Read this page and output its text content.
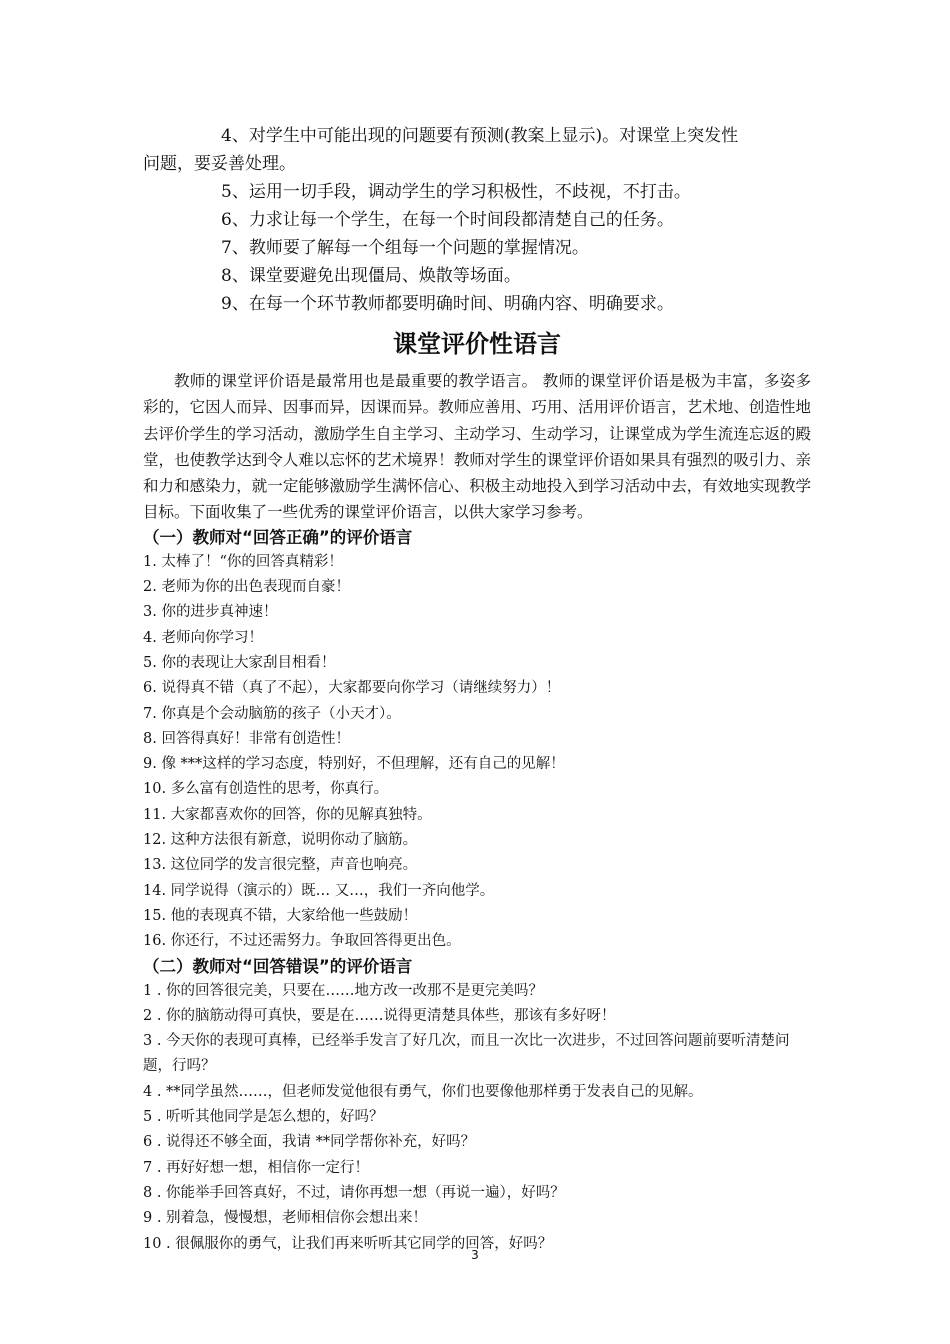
4、对学生中可能出现的问题要有预测(教案上显示)。对课堂上突发性
问题，要妥善处理。

5、运用一切手段，调动学生的学习积极性，不歧视，不打击。

6、力求让每一个学生，在每一个时间段都清楚自己的任务。

7、教师要了解每一个组每一个问题的掌握情况。

8、课堂要避免出现僵局、焕散等场面。

9、在每一个环节教师都要明确时间、明确内容、明确要求。

课堂评价性语言

教师的课堂评价语是最常用也是最重要的教学语言。 教师的课堂评价语是极为丰富，多姿多彩的，它因人而异、因事而异，因课而异。教师应善用、巧用、活用评价语言，艺术地、创造性地去评价学生的学习活动，激励学生自主学习、主动学习、生动学习，让课堂成为学生流连忘返的殿堂，也使教学达到令人难以忘怀的艺术境界！教师对学生的课堂评价语如果具有强烈的吸引力、亲和力和感染力，就一定能够激励学生满怀信心、积极主动地投入到学习活动中去，有效地实现教学目标。下面收集了一些优秀的课堂评价语言，以供大家学习参考。

（一）教师对“回答正确”的评价语言
1. 太棒了！“你的回答真精彩！
2. 老师为你的出色表现而自豪！
3. 你的进步真神速！
4. 老师向你学习！
5. 你的表现让大家刮目相看！
6. 说得真不错（真了不起），大家都要向你学习（请继续努力）！
7. 你真是个会动脑筋的孩子（小天才）。
8. 回答得真好！非常有创造性！
9. 像 ***这样的学习态度，特别好，不但理解，还有自己的见解！
10. 多么富有创造性的思考，你真行。
11. 大家都喜欢你的回答，你的见解真独特。
12. 这种方法很有新意，说明你动了脑筋。
13. 这位同学的发言很完整，声音也响亮。
14. 同学说得（演示的）既… 又…，我们一齐向他学。
15. 他的表现真不错，大家给他一些鼓励！
16. 你还行，不过还需努力。争取回答得更出色。
（二）教师对“回答错误”的评价语言
1 . 你的回答很完美，只要在……地方改一改那不是更完美吗？
2 . 你的脑筋动得可真快，要是在……说得更清楚具体些，那该有多好呀！
3 . 今天你的表现可真棒，已经举手发言了好几次，而且一次比一次进步，不过回答问题前要听清楚问题，行吗？
4 . **同学虽然……，但老师发觉他很有勇气，你们也要像他那样勇于发表自己的见解。
5 . 听听其他同学是怎么想的，好吗？
6 . 说得还不够全面，我请 **同学帮你补充，好吗？
7 . 再好好想一想，相信你一定行！
8 . 你能举手回答真好，不过，请你再想一想（再说一遍），好吗？
9 . 别着急，慢慢想，老师相信你会想出来！
10 . 很佩服你的勇气，让我们再来听听其它同学的回答，好吗？
3
